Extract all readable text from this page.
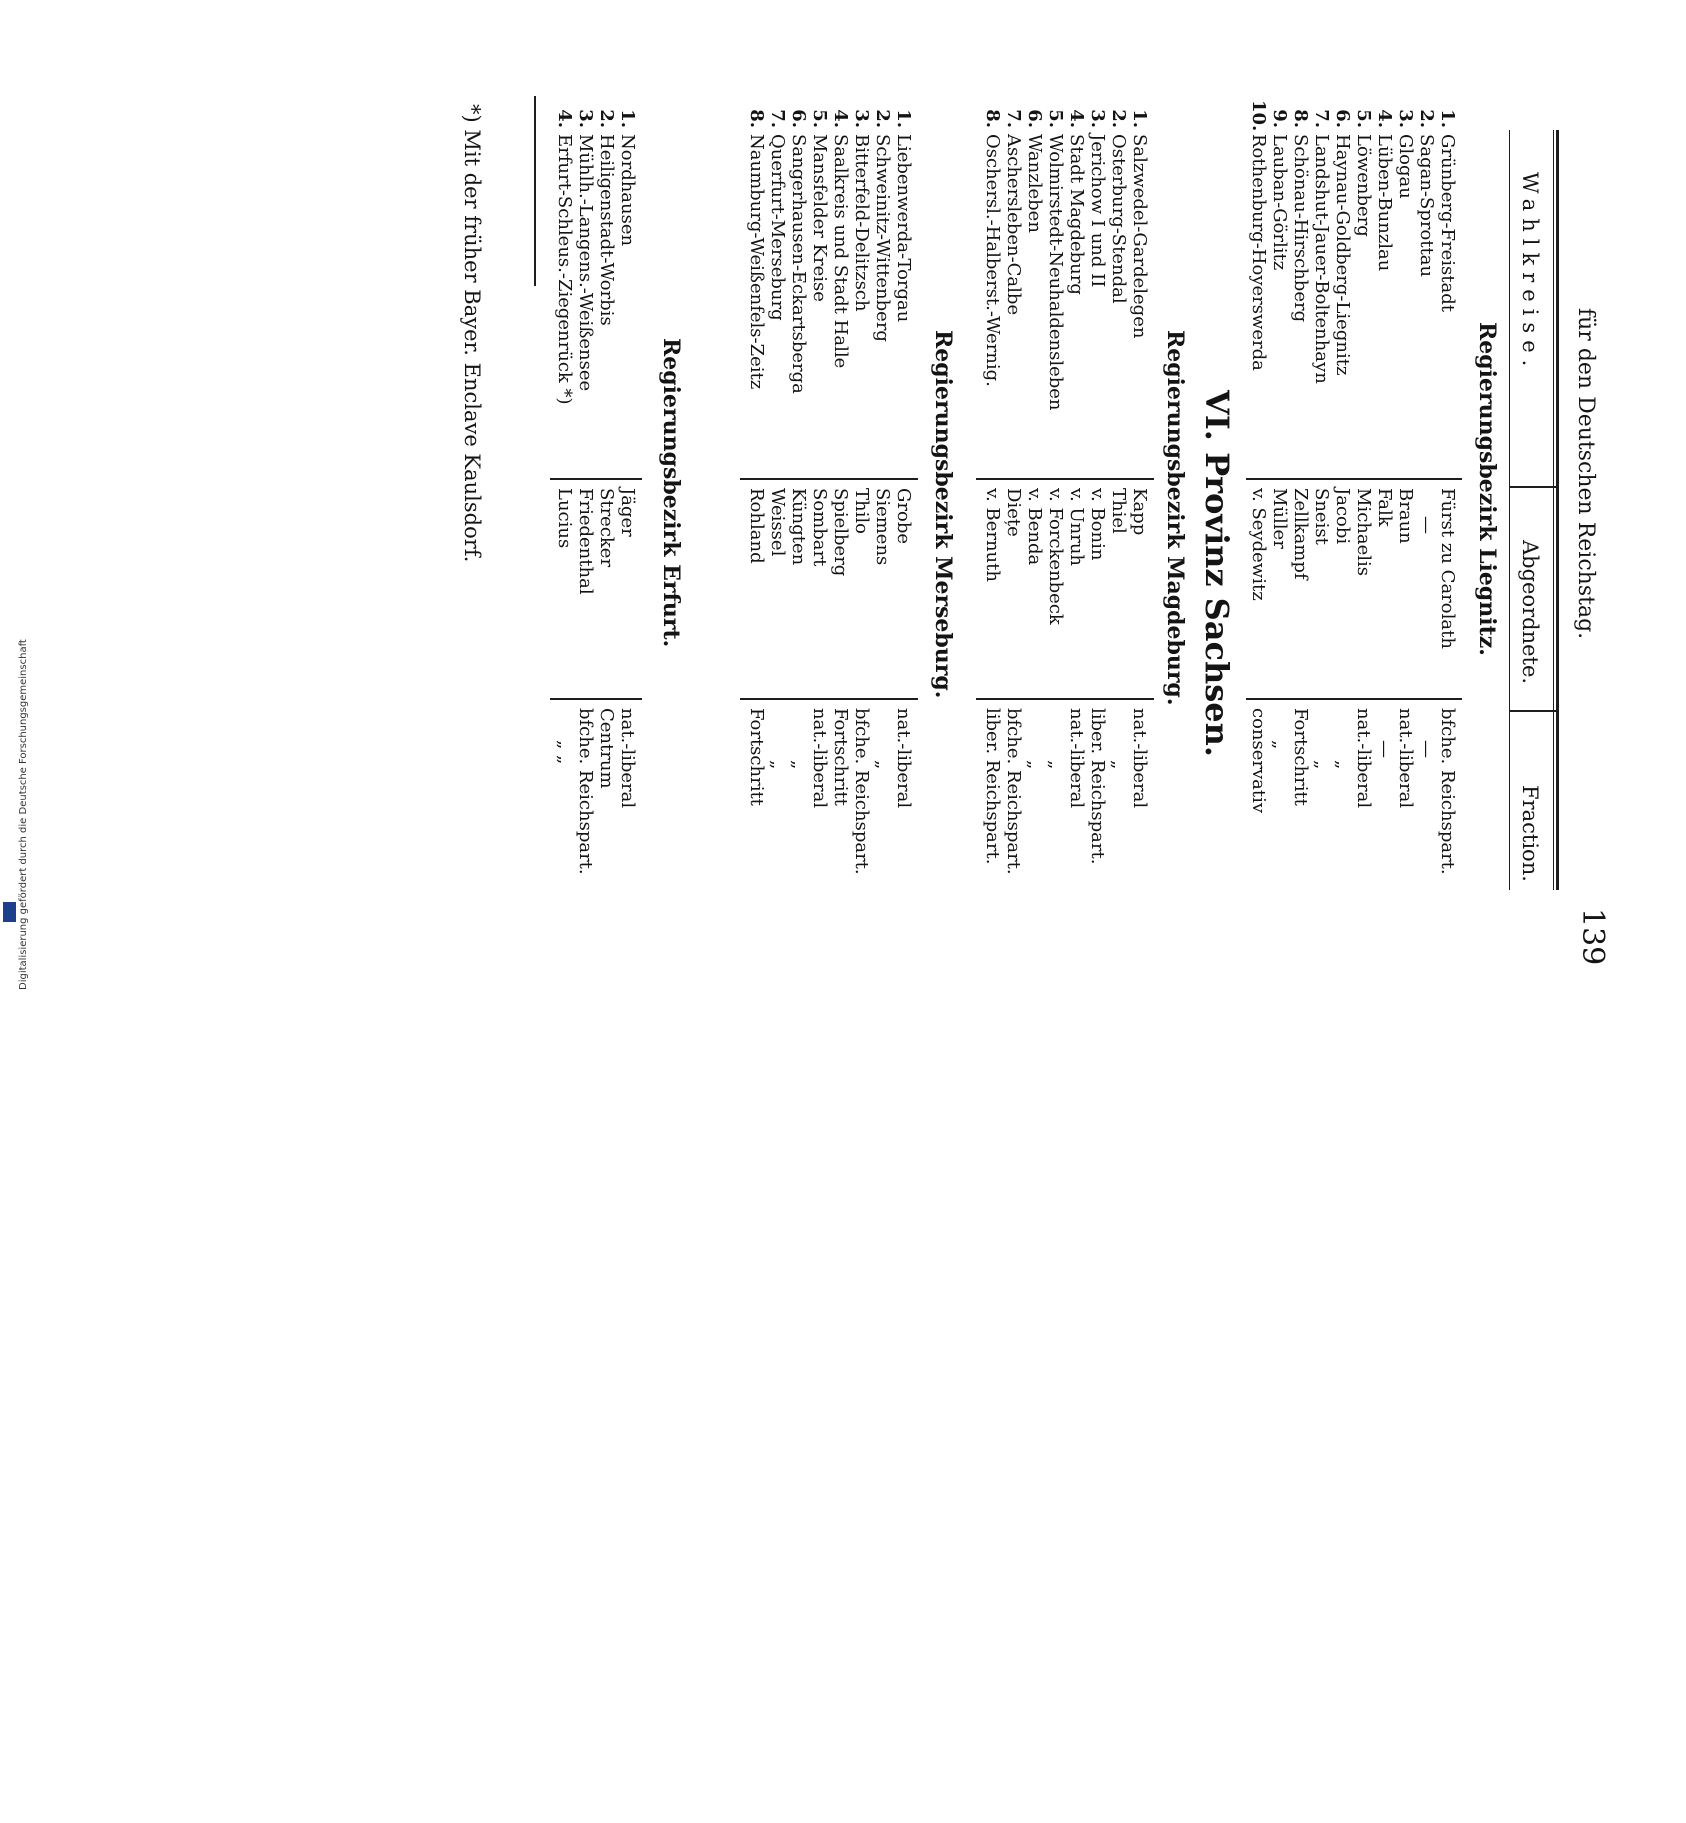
Digitalisierung gefördert durch die Deutsche Forschungsgemeinschaft
DFG
für den Deutschen Reichstag.
139
Wahlkreise.
Abgeordnete.
Fraction.
Regierungsbezirk Liegnitz.
1.
Grünberg-Freistadt
Fürst zu Carolath
bfche. Reichspart.
2.
Sagan-Sprottau
—
—
3.
Glogau
Braun
nat.-liberal
4.
Lüben-Bunzlau
Falk
—
5.
Löwenberg
Michaelis
nat.-liberal
6.
Haynau-Goldberg-Liegnitz
Jacobi
„
7.
Landshut-Jauer-Boltenhayn
Sneist
„
8.
Schönau-Hirschberg
Zellkampf
Fortschritt
9.
Lauban-Görlitz
Müller
„
10.
Rothenburg-Hoyerswerda
v. Seydewitz
conservativ
VI. Provinz Sachsen.
Regierungsbezirk Magdeburg.
1.
Salzwedel-Gardelegen
Kapp
nat.-liberal
2.
Osterburg-Stendal
Thiel
„
3.
Jerichow I und II
v. Bonin
liber. Reichspart.
4.
Stadt Magdeburg
v. Unruh
nat.-liberal
5.
Wolmirstedt-Neuhaldensleben
v. Forckenbeck
„
6.
Wanzleben
v. Benda
„
7.
Aschersleben-Calbe
Diețe
bfche. Reichspart.
8.
Oschersl.-Halberst.-Wernig.
v. Bernuth
liber. Reichspart.
Regierungsbezirk Merseburg.
1.
Liebenwerda-Torgau
Grobe
nat.-liberal
2.
Schweinitz-Wittenberg
Siemens
„
3.
Bitterfeld-Delitzsch
Thilo
bfche. Reichspart.
4.
Saalkreis und Stadt Halle
Spielberg
Fortschritt
5.
Mansfelder Kreise
Sombart
nat.-liberal
6.
Sangerhausen-Eckartsberga
Küngten
„
7.
Querfurt-Merseburg
Weissel
„
8.
Naumburg-Weißenfels-Zeitz
Rohland
Fortschritt
Regierungsbezirk Erfurt.
1.
Nordhausen
Jäger
nat.-liberal
2.
Heiligenstadt-Worbis
Strecker
Centrum
3.
Mühlh.-Langens.-Weißensee
Friedenthal
bfche. Reichspart.
4.
Erfurt-Schleus.-Ziegenrück *)
Lucius
„ „
*) Mit der früher Bayer. Enclave Kaulsdorf.
